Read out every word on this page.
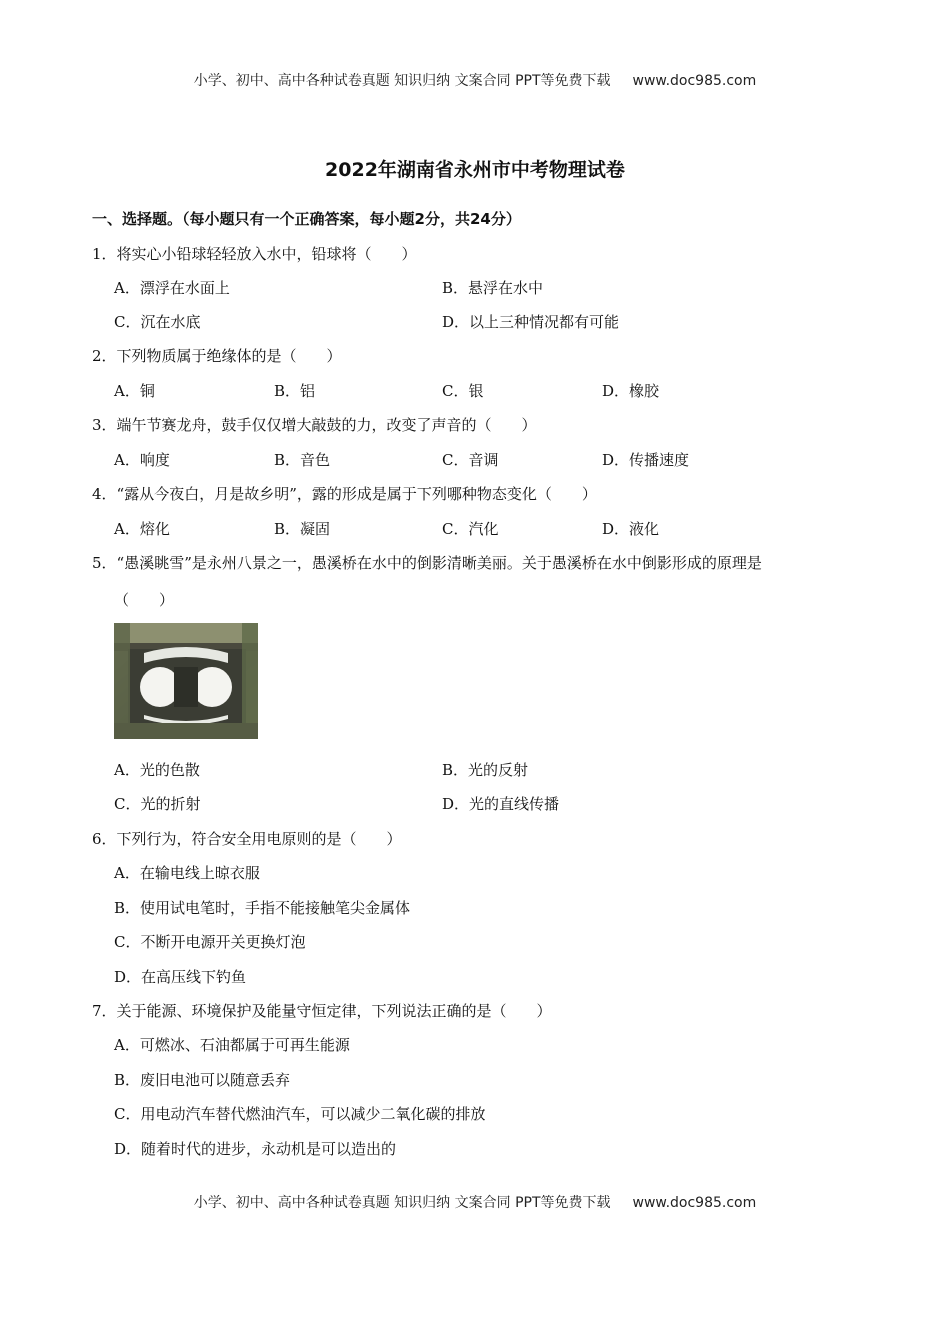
小学、初中、高中各种试卷真题 知识归纳 文案合同 PPT等免费下载 www.doc985.com
2022年湖南省永州市中考物理试卷
一、选择题。（每小题只有一个正确答案，每小题2分，共24分）
1．将实心小铅球轻轻放入水中，铅球将（　　）
A．漂浮在水面上	B．悬浮在水中
C．沉在水底	D．以上三种情况都有可能
2．下列物质属于绝缘体的是（　　）
A．铜	B．铝	C．银	D．橡胶
3．端午节赛龙舟，鼓手仅仅增大敲鼓的力，改变了声音的（　　）
A．响度	B．音色	C．音调	D．传播速度
4．“露从今夜白，月是故乡明”，露的形成是属于下列哪种物态变化（　　）
A．熔化	B．凝固	C．汽化	D．液化
5．“愚溪眺雪”是永州八景之一，愚溪桥在水中的倒影清晰美丽。关于愚溪桥在水中倒影形成的原理是
（　　）
A．光的色散	B．光的反射
C．光的折射	D．光的直线传播
6．下列行为，符合安全用电原则的是（　　）
A．在输电线上晾衣服
B．使用试电笔时，手指不能接触笔尖金属体
C．不断开电源开关更换灯泡
D．在高压线下钓鱼
7．关于能源、环境保护及能量守恒定律，下列说法正确的是（　　）
A．可燃冰、石油都属于可再生能源
B．废旧电池可以随意丢弃
C．用电动汽车替代燃油汽车，可以减少二氧化碳的排放
D．随着时代的进步，永动机是可以造出的
小学、初中、高中各种试卷真题 知识归纳 文案合同 PPT等免费下载 www.doc985.com
